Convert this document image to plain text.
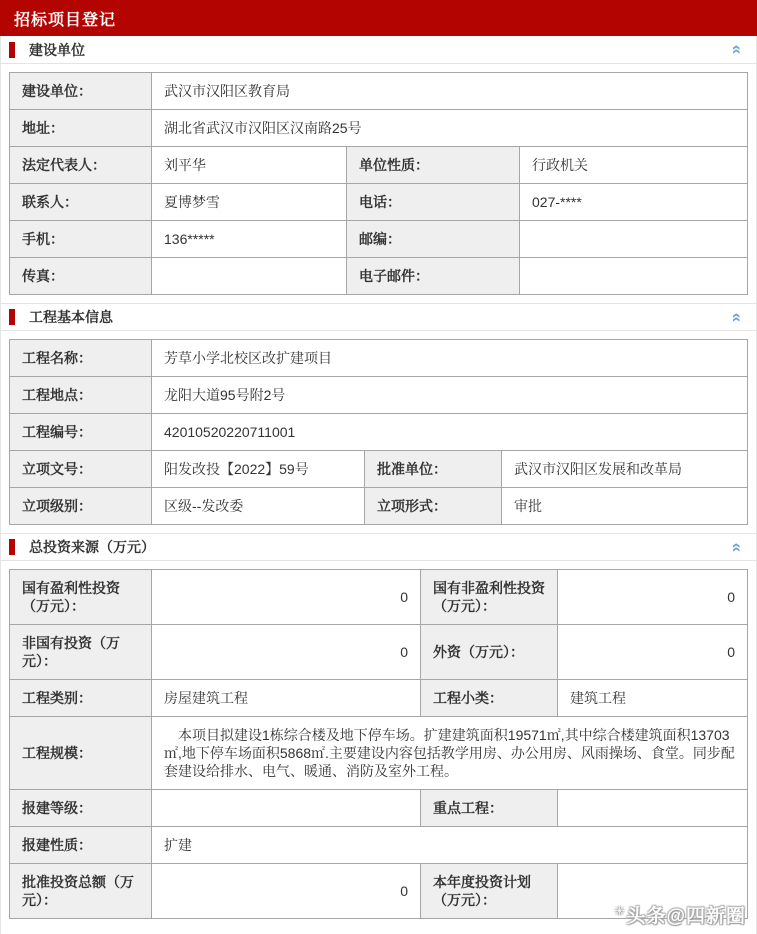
招标项目登记
建设单位	«
建设单位：	武汉市汉阳区教育局		
地址：	湖北省武汉市汉阳区汉南路25号		
法定代表人：	刘平华	单位性质：	行政机关
联系人：	夏博梦雪	电话：	027-****
手机：	136*****	邮编：	
传真：		电子邮件：	
工程基本信息	«
工程名称：	芳草小学北校区改扩建项目		
工程地点：	龙阳大道95号附2号		
工程编号：	42010520220711001		
立项文号：	阳发改投【2022】59号	批准单位：	武汉市汉阳区发展和改革局
立项级别：	区级--发改委	立项形式：	审批
总投资来源（万元）	«
国有盈利性投资（万元）：	0	国有非盈利性投资（万元）：	0
非国有投资（万元）：	0	外资（万元）：	0
工程类别：	房屋建筑工程	工程小类：	建筑工程
工程规模：	　本项目拟建设1栋综合楼及地下停车场。扩建建筑面积19571㎡,其中综合楼建筑面积13703㎡,地下停车场面积5868㎡.主要建设内容包括教学用房、办公用房、风雨操场、食堂。同步配套建设给排水、电气、暖通、消防及室外工程。		
报建等级：		重点工程：	
报建性质：	扩建		
批准投资总额（万元）：	0	本年度投资计划（万元）：	
✳头条@四新圈
